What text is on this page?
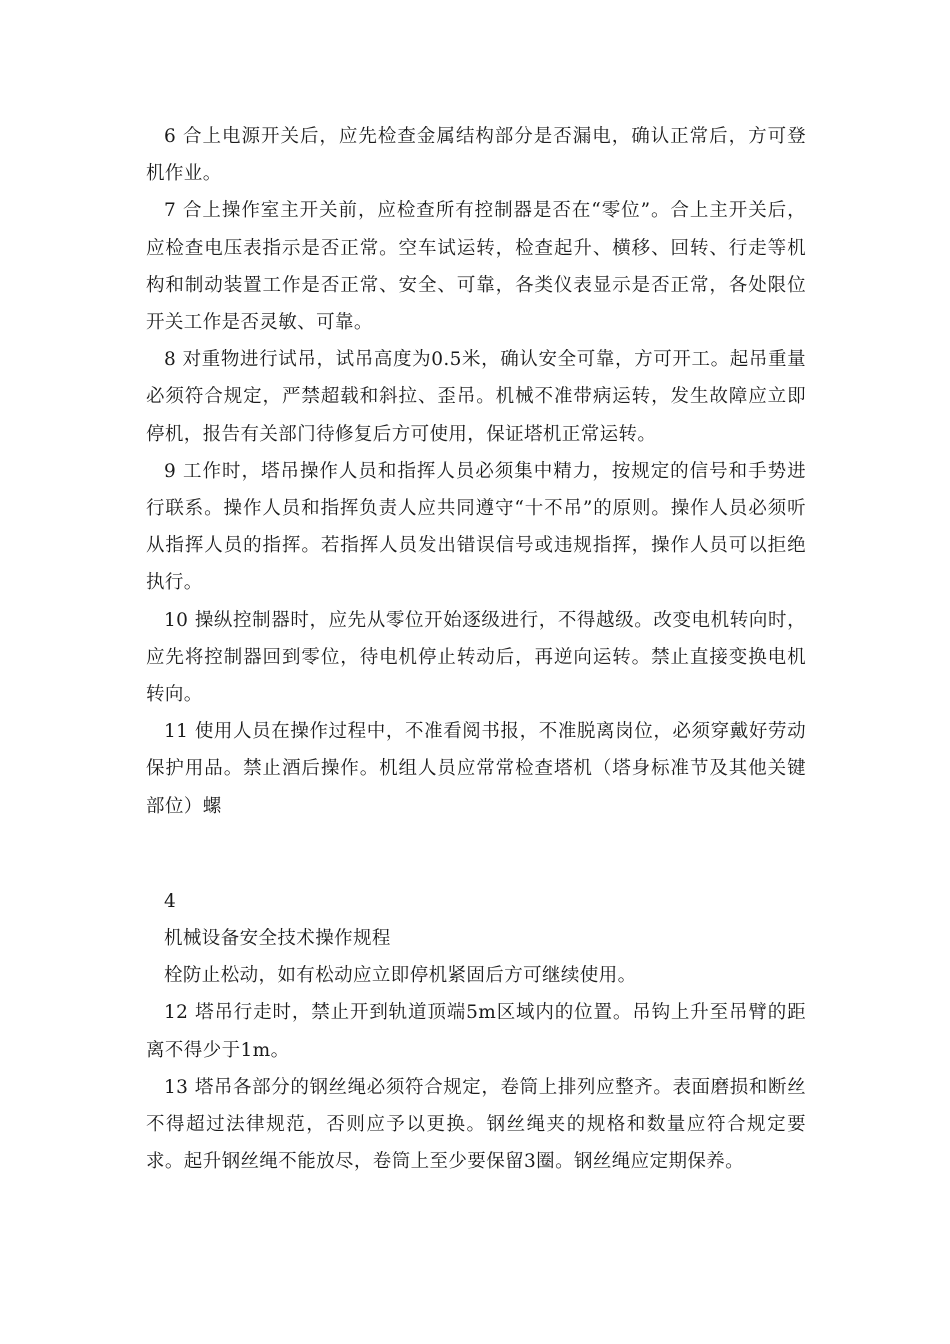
6 合上电源开关后，应先检查金属结构部分是否漏电，确认正常后，方可登机作业。

7 合上操作室主开关前，应检查所有控制器是否在“零位”。合上主开关后，应检查电压表指示是否正常。空车试运转，检查起升、横移、回转、行走等机构和制动装置工作是否正常、安全、可靠，各类仪表显示是否正常，各处限位开关工作是否灵敏、可靠。

8 对重物进行试吊，试吊高度为0.5米，确认安全可靠，方可开工。起吊重量必须符合规定，严禁超载和斜拉、歪吊。机械不准带病运转，发生故障应立即停机，报告有关部门待修复后方可使用，保证塔机正常运转。

9 工作时，塔吊操作人员和指挥人员必须集中精力，按规定的信号和手势进行联系。操作人员和指挥负责人应共同遵守“十不吊”的原则。操作人员必须听从指挥人员的指挥。若指挥人员发出错误信号或违规指挥，操作人员可以拒绝执行。

10 操纵控制器时，应先从零位开始逐级进行，不得越级。改变电机转向时，应先将控制器回到零位，待电机停止转动后，再逆向运转。禁止直接变换电机转向。

11 使用人员在操作过程中，不准看阅书报，不准脱离岗位，必须穿戴好劳动保护用品。禁止酒后操作。机组人员应常常检查塔机（塔身标准节及其他关键部位）螺

4

机械设备安全技术操作规程

栓防止松动，如有松动应立即停机紧固后方可继续使用。

12 塔吊行走时，禁止开到轨道顶端5m区域内的位置。吊钩上升至吊臂的距离不得少于1m。

13 塔吊各部分的钢丝绳必须符合规定，卷筒上排列应整齐。表面磨损和断丝不得超过法律规范，否则应予以更换。钢丝绳夹的规格和数量应符合规定要求。起升钢丝绳不能放尽，卷筒上至少要保留3圈。钢丝绳应定期保养。
